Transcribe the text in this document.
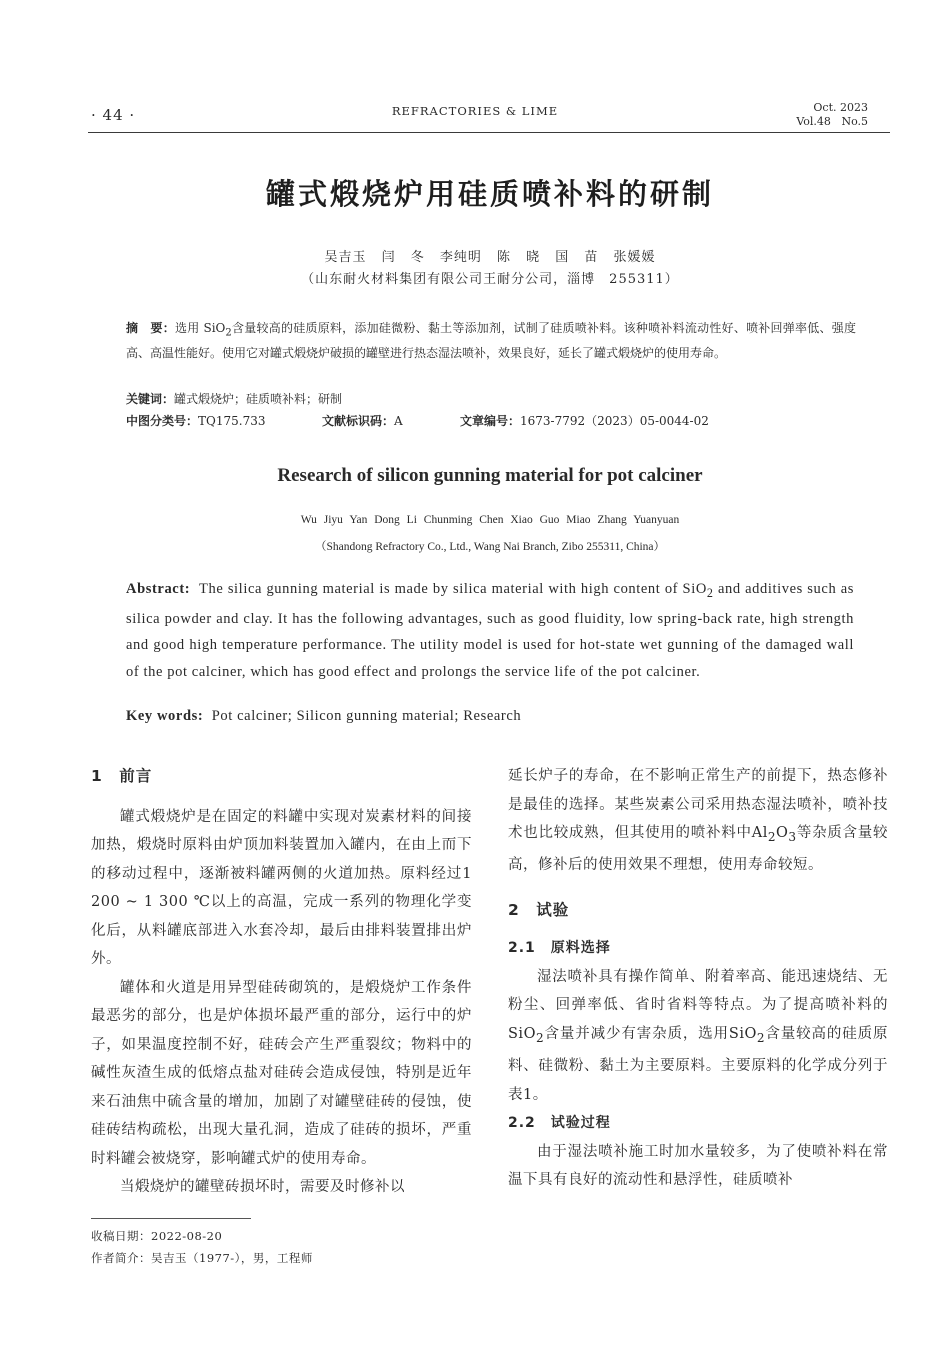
· 44 ·	REFRACTORIES & LIME	Oct. 2023
Vol.48 No.5
罐式煅烧炉用硅质喷补料的研制
吴吉玉 闫 冬 李纯明 陈 晓 国 苗 张媛媛
（山东耐火材料集团有限公司王耐分公司，淄博　255311）
摘　要：选用 SiO$_2$含量较高的硅质原料，添加硅微粉、黏土等添加剂，试制了硅质喷补料。该种喷补料流动性好、喷补回弹率低、强度高、高温性能好。使用它对罐式煅烧炉破损的罐壁进行热态湿法喷补，效果良好，延长了罐式煅烧炉的使用寿命。
关键词：罐式煅烧炉；硅质喷补料；研制
中图分类号：TQ175.733	文献标识码：A	文章编号：1673-7792（2023）05-0044-02
Research of silicon gunning material for pot calciner
Wu Jiyu Yan Dong Li Chunming Chen Xiao Guo Miao Zhang Yuanyuan
（Shandong Refractory Co., Ltd., Wang Nai Branch, Zibo 255311, China）
Abstract: The silica gunning material is made by silica material with high content of SiO$_2$ and additives such as silica powder and clay. It has the following advantages, such as good fluidity, low spring-back rate, high strength and good high temperature performance. The utility model is used for hot-state wet gunning of the damaged wall of the pot calciner, which has good effect and prolongs the service life of the pot calciner.
Key words: Pot calciner; Silicon gunning material; Research
1　前言

罐式煅烧炉是在固定的料罐中实现对炭素材料的间接加热，煅烧时原料由炉顶加料装置加入罐内，在由上而下的移动过程中，逐渐被料罐两侧的火道加热。原料经过1 200 ~ 1 300 ℃以上的高温，完成一系列的物理化学变化后，从料罐底部进入水套冷却，最后由排料装置排出炉外。

罐体和火道是用异型硅砖砌筑的，是煅烧炉工作条件最恶劣的部分，也是炉体损坏最严重的部分，运行中的炉子，如果温度控制不好，硅砖会产生严重裂纹；物料中的碱性灰渣生成的低熔点盐对硅砖会造成侵蚀，特别是近年来石油焦中硫含量的增加，加剧了对罐壁硅砖的侵蚀，使硅砖结构疏松，出现大量孔洞，造成了硅砖的损坏，严重时料罐会被烧穿，影响罐式炉的使用寿命。

当煅烧炉的罐壁砖损坏时，需要及时修补以

延长炉子的寿命，在不影响正常生产的前提下，热态修补是最佳的选择。某些炭素公司采用热态湿法喷补，喷补技术也比较成熟，但其使用的喷补料中$Al_2O_3$等杂质含量较高，修补后的使用效果不理想，使用寿命较短。
2　试验
2.1　原料选择

湿法喷补具有操作简单、附着率高、能迅速烧结、无粉尘、回弹率低、省时省料等特点。为了提高喷补料的SiO$_2$含量并减少有害杂质，选用SiO$_2$含量较高的硅质原料、硅微粉、黏土为主要原料。主要原料的化学成分列于表1。

2.2　试验过程

由于湿法喷补施工时加水量较多，为了使喷补料在常温下具有良好的流动性和悬浮性，硅质喷补

收稿日期：2022-08-20
作者简介：吴吉玉（1977-），男，工程师
